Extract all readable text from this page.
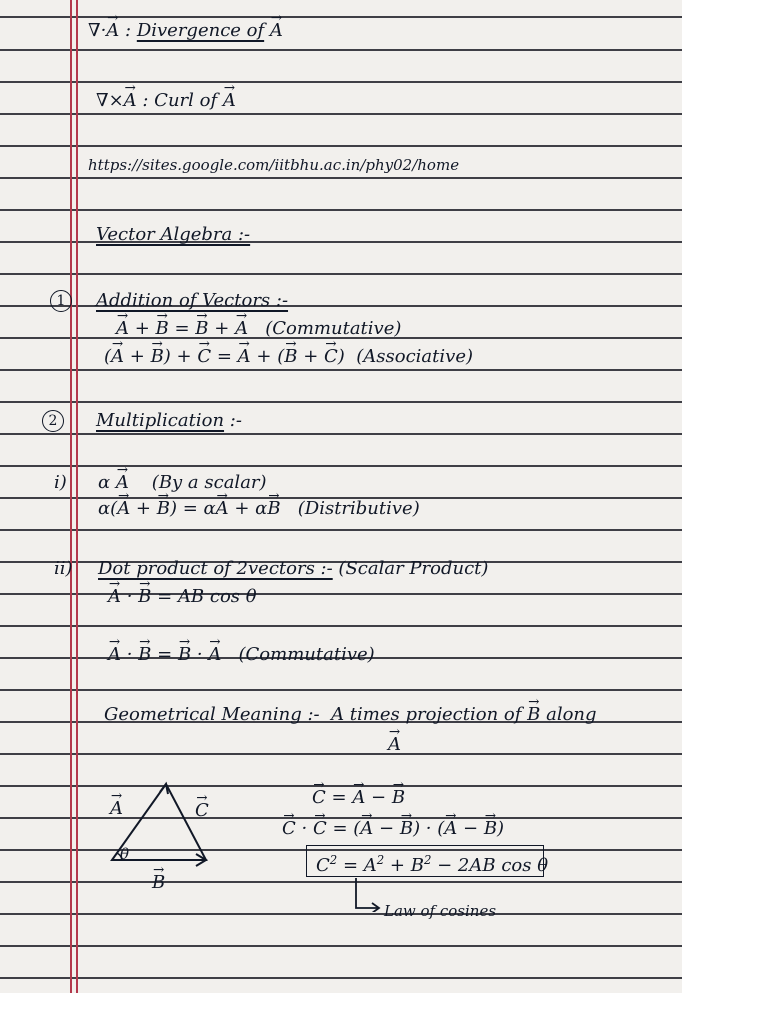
∇·→ A : Divergence of → A
∇×→ A : Curl of → A
https://sites.google.com/iitbhu.ac.in/phy02/home
Vector Algebra :-
1	Addition of Vectors :-
→ A + → B = → B + → A   (Commutative)
(→ A + → B) + → C = → A + (→ B + → C)  (Associative)
2	Multiplication :-
i) α → A    (By a scalar)
α(→ A + → B) = α→ A + α→ B   (Distributive)
ii) Dot product of 2vectors :- (Scalar Product)
→ A · → B = AB cos θ
→ A · → B = → B · → A   (Commutative)
Geometrical Meaning :- A times projection of → B along
→ A
→ A	→ C
θ
→ B
→ C = → A − → B
→ C · → C = (→ A − → B) · (→ A − → B)
$C^2 = A^2 + B^2 - 2AB$ cos θ
Law of cosines
